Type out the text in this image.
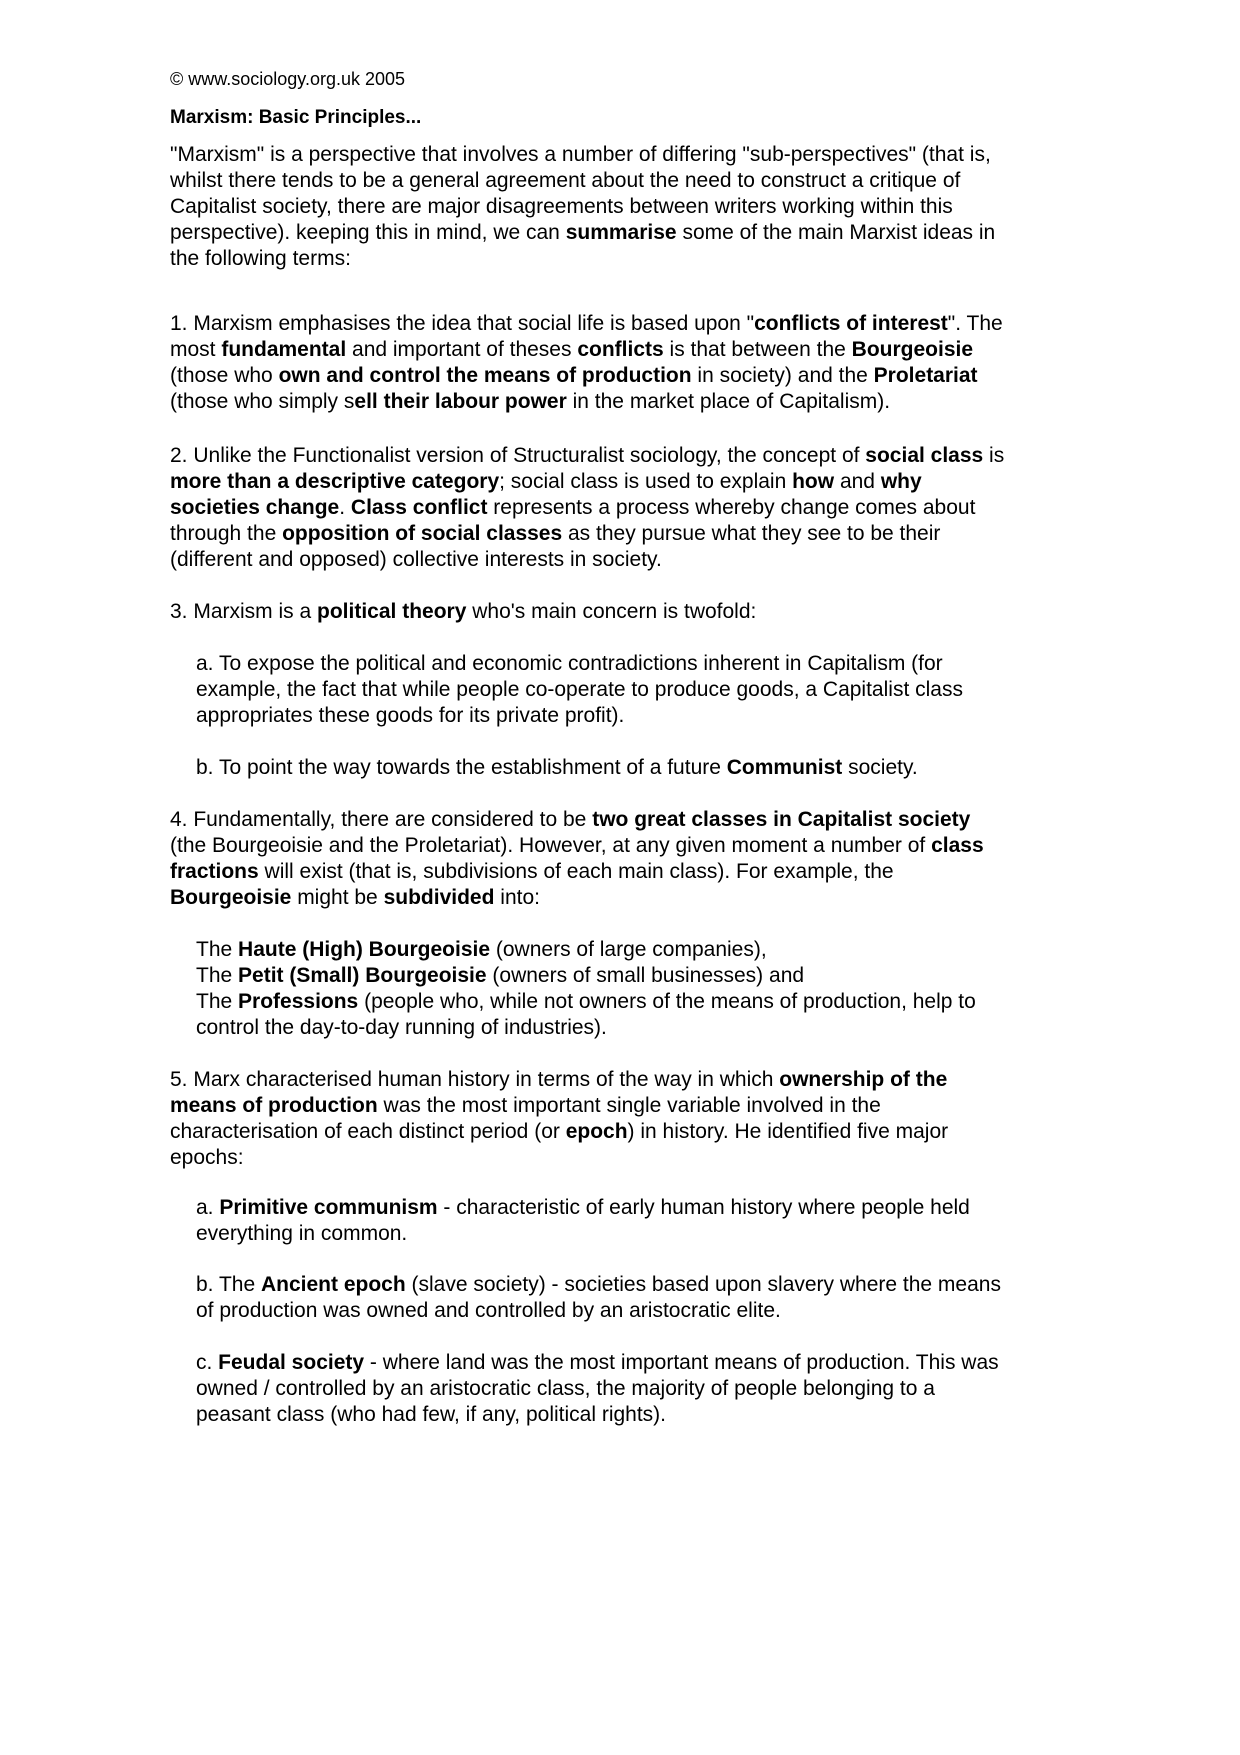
© www.sociology.org.uk 2005
Marxism: Basic Principles...
"Marxism" is a perspective that involves a number of differing "sub-perspectives" (that is,
whilst there tends to be a general agreement about the need to construct a critique of
Capitalist society, there are major disagreements between writers working within this
perspective). keeping this in mind, we can summarise some of the main Marxist ideas in
the following terms:
1. Marxism emphasises the idea that social life is based upon "conflicts of interest". The
most fundamental and important of theses conflicts is that between the Bourgeoisie
(those who own and control the means of production in society) and the Proletariat
(those who simply sell their labour power in the market place of Capitalism).
2. Unlike the Functionalist version of Structuralist sociology, the concept of social class is
more than a descriptive category; social class is used to explain how and why
societies change. Class conflict represents a process whereby change comes about
through the opposition of social classes as they pursue what they see to be their
(different and opposed) collective interests in society.
3. Marxism is a political theory who's main concern is twofold:
a. To expose the political and economic contradictions inherent in Capitalism (for
example, the fact that while people co-operate to produce goods, a Capitalist class
appropriates these goods for its private profit).
b. To point the way towards the establishment of a future Communist society.
4. Fundamentally, there are considered to be two great classes in Capitalist society
(the Bourgeoisie and the Proletariat). However, at any given moment a number of class
fractions will exist (that is, subdivisions of each main class). For example, the
Bourgeoisie might be subdivided into:
The Haute (High) Bourgeoisie (owners of large companies),
The Petit (Small) Bourgeoisie (owners of small businesses) and
The Professions (people who, while not owners of the means of production, help to
control the day-to-day running of industries).
5. Marx characterised human history in terms of the way in which ownership of the
means of production was the most important single variable involved in the
characterisation of each distinct period (or epoch) in history. He identified five major
epochs:
a. Primitive communism - characteristic of early human history where people held
everything in common.
b. The Ancient epoch (slave society) - societies based upon slavery where the means
of production was owned and controlled by an aristocratic elite.
c. Feudal society - where land was the most important means of production. This was
owned / controlled by an aristocratic class, the majority of people belonging to a
peasant class (who had few, if any, political rights).
